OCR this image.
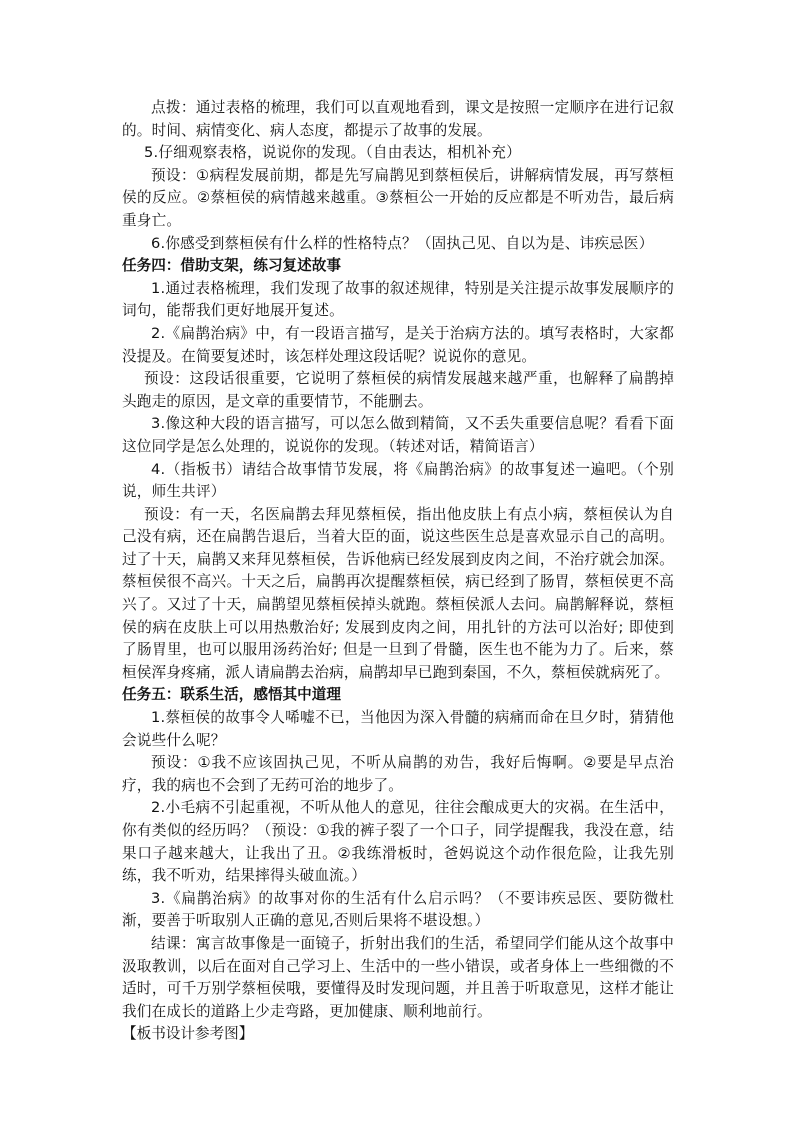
点拨：通过表格的梳理，我们可以直观地看到，课文是按照一定顺序在进行记叙的。时间、病情变化、病人态度，都提示了故事的发展。

5.仔细观察表格，说说你的发现。（自由表达，相机补充）

预设：①病程发展前期，都是先写扁鹊见到蔡桓侯后，讲解病情发展，再写蔡桓侯的反应。②蔡桓侯的病情越来越重。③蔡桓公一开始的反应都是不听劝告，最后病重身亡。

6.你感受到蔡桓侯有什么样的性格特点？（固执己见、自以为是、讳疾忌医）

任务四：借助支架，练习复述故事

1.通过表格梳理，我们发现了故事的叙述规律，特别是关注提示故事发展顺序的词句，能帮我们更好地展开复述。

2.《扁鹊治病》中，有一段语言描写，是关于治病方法的。填写表格时，大家都没提及。在简要复述时，该怎样处理这段话呢？说说你的意见。

预设：这段话很重要，它说明了蔡桓侯的病情发展越来越严重，也解释了扁鹊掉头跑走的原因，是文章的重要情节，不能删去。

3.像这种大段的语言描写，可以怎么做到精简，又不丢失重要信息呢？看看下面这位同学是怎么处理的，说说你的发现。（转述对话，精简语言）

4.（指板书）请结合故事情节发展，将《扁鹊治病》的故事复述一遍吧。（个别说，师生共评）

预设：有一天，名医扁鹊去拜见蔡桓侯，指出他皮肤上有点小病，蔡桓侯认为自己没有病，还在扁鹊告退后，当着大臣的面，说这些医生总是喜欢显示自己的高明。过了十天，扁鹊又来拜见蔡桓侯，告诉他病已经发展到皮肉之间，不治疗就会加深。蔡桓侯很不高兴。十天之后，扁鹊再次提醒蔡桓侯，病已经到了肠胃，蔡桓侯更不高兴了。又过了十天，扁鹊望见蔡桓侯掉头就跑。蔡桓侯派人去问。扁鹊解释说，蔡桓侯的病在皮肤上可以用热敷治好; 发展到皮肉之间，用扎针的方法可以治好; 即使到了肠胃里，也可以服用汤药治好; 但是一旦到了骨髓，医生也不能为力了。后来，蔡桓侯浑身疼痛，派人请扁鹊去治病，扁鹊却早已跑到秦国，不久，蔡桓侯就病死了。

任务五：联系生活，感悟其中道理

1.蔡桓侯的故事令人唏嘘不已，当他因为深入骨髓的病痛而命在旦夕时，猜猜他会说些什么呢？

预设：①我不应该固执己见，不听从扁鹊的劝告，我好后悔啊。②要是早点治疗，我的病也不会到了无药可治的地步了。

2.小毛病不引起重视，不听从他人的意见，往往会酿成更大的灾祸。在生活中，你有类似的经历吗？（预设：①我的裤子裂了一个口子，同学提醒我，我没在意，结果口子越来越大，让我出了丑。②我练滑板时，爸妈说这个动作很危险，让我先别练，我不听劝，结果摔得头破血流。）

3.《扁鹊治病》的故事对你的生活有什么启示吗？（不要讳疾忌医、要防微杜渐，要善于听取别人正确的意见,否则后果将不堪设想。）

结课：寓言故事像是一面镜子，折射出我们的生活，希望同学们能从这个故事中汲取教训，以后在面对自己学习上、生活中的一些小错误，或者身体上一些细微的不适时，可千万别学蔡桓侯哦，要懂得及时发现问题，并且善于听取意见，这样才能让我们在成长的道路上少走弯路，更加健康、顺利地前行。

【板书设计参考图】
